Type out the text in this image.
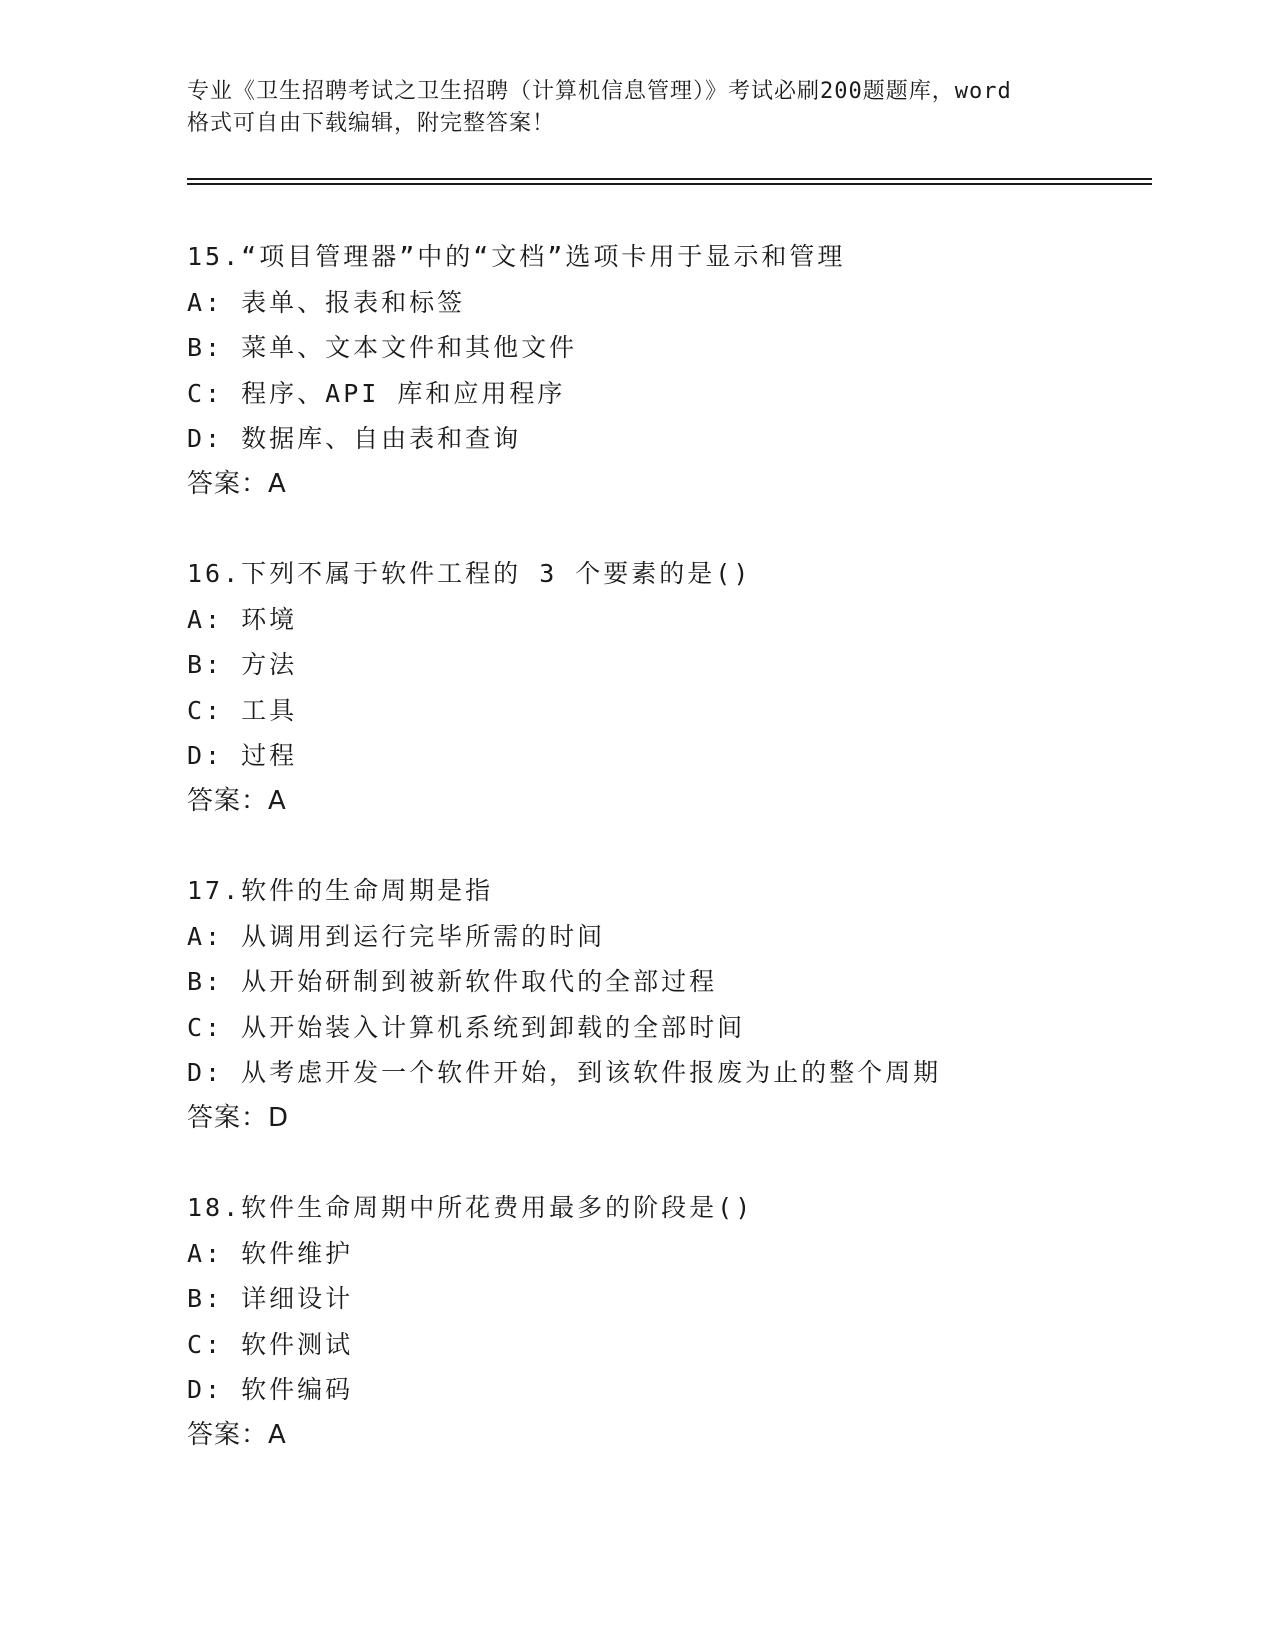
专业《卫生招聘考试之卫生招聘（计算机信息管理）》考试必刷200题题库，word
格式可自由下载编辑，附完整答案！
15.“项目管理器”中的“文档”选项卡用于显示和管理
A: 表单、报表和标签
B: 菜单、文本文件和其他文件
C: 程序、API 库和应用程序
D: 数据库、自由表和查询
答案：A
16.下列不属于软件工程的 3 个要素的是()
A: 环境
B: 方法
C: 工具
D: 过程
答案：A
17.软件的生命周期是指
A: 从调用到运行完毕所需的时间
B: 从开始研制到被新软件取代的全部过程
C: 从开始装入计算机系统到卸载的全部时间
D: 从考虑开发一个软件开始，到该软件报废为止的整个周期
答案：D
18.软件生命周期中所花费用最多的阶段是()
A: 软件维护
B: 详细设计
C: 软件测试
D: 软件编码
答案：A
